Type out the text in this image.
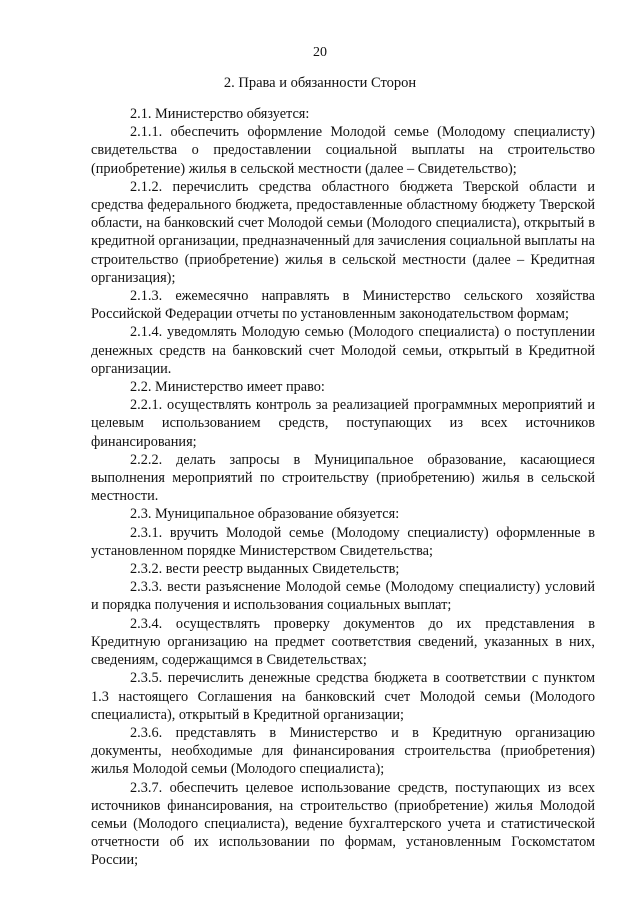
20
2. Права и обязанности Сторон

2.1. Министерство обязуется:

2.1.1. обеспечить оформление Молодой семье (Молодому специалисту) свидетельства о предоставлении социальной выплаты на строительство (приобретение) жилья в сельской местности (далее – Свидетельство);

2.1.2. перечислить средства областного бюджета Тверской области и средства федерального бюджета, предоставленные областному бюджету Тверской области, на банковский счет Молодой семьи (Молодого специалиста), открытый в кредитной организации, предназначенный для зачисления социальной выплаты на строительство (приобретение) жилья в сельской местности (далее – Кредитная организация);

2.1.3. ежемесячно направлять в Министерство сельского хозяйства Российской Федерации отчеты по установленным законодательством формам;

2.1.4. уведомлять Молодую семью (Молодого специалиста) о поступлении денежных средств на банковский счет Молодой семьи, открытый в Кредитной организации.

2.2. Министерство имеет право:

2.2.1. осуществлять контроль за реализацией программных мероприятий и целевым использованием средств, поступающих из всех источников финансирования;

2.2.2. делать запросы в Муниципальное образование, касающиеся выполнения мероприятий по строительству (приобретению) жилья в сельской местности.

2.3. Муниципальное образование обязуется:

2.3.1. вручить Молодой семье (Молодому специалисту) оформленные в установленном порядке Министерством Свидетельства;

2.3.2. вести реестр выданных Свидетельств;

2.3.3. вести разъяснение Молодой семье (Молодому специалисту) условий и порядка получения и использования социальных выплат;

2.3.4. осуществлять проверку документов до их представления в Кредитную организацию на предмет соответствия сведений, указанных в них, сведениям, содержащимся в Свидетельствах;

2.3.5. перечислить денежные средства бюджета в соответствии с пунктом 1.3 настоящего Соглашения на банковский счет Молодой семьи (Молодого специалиста), открытый в Кредитной организации;

2.3.6. представлять в Министерство и в Кредитную организацию документы, необходимые для финансирования строительства (приобретения) жилья Молодой семьи (Молодого специалиста);

2.3.7. обеспечить целевое использование средств, поступающих из всех источников финансирования, на строительство (приобретение) жилья Молодой семьи (Молодого специалиста), ведение бухгалтерского учета и статистической отчетности об их использовании по формам, установленным Госкомстатом России;
